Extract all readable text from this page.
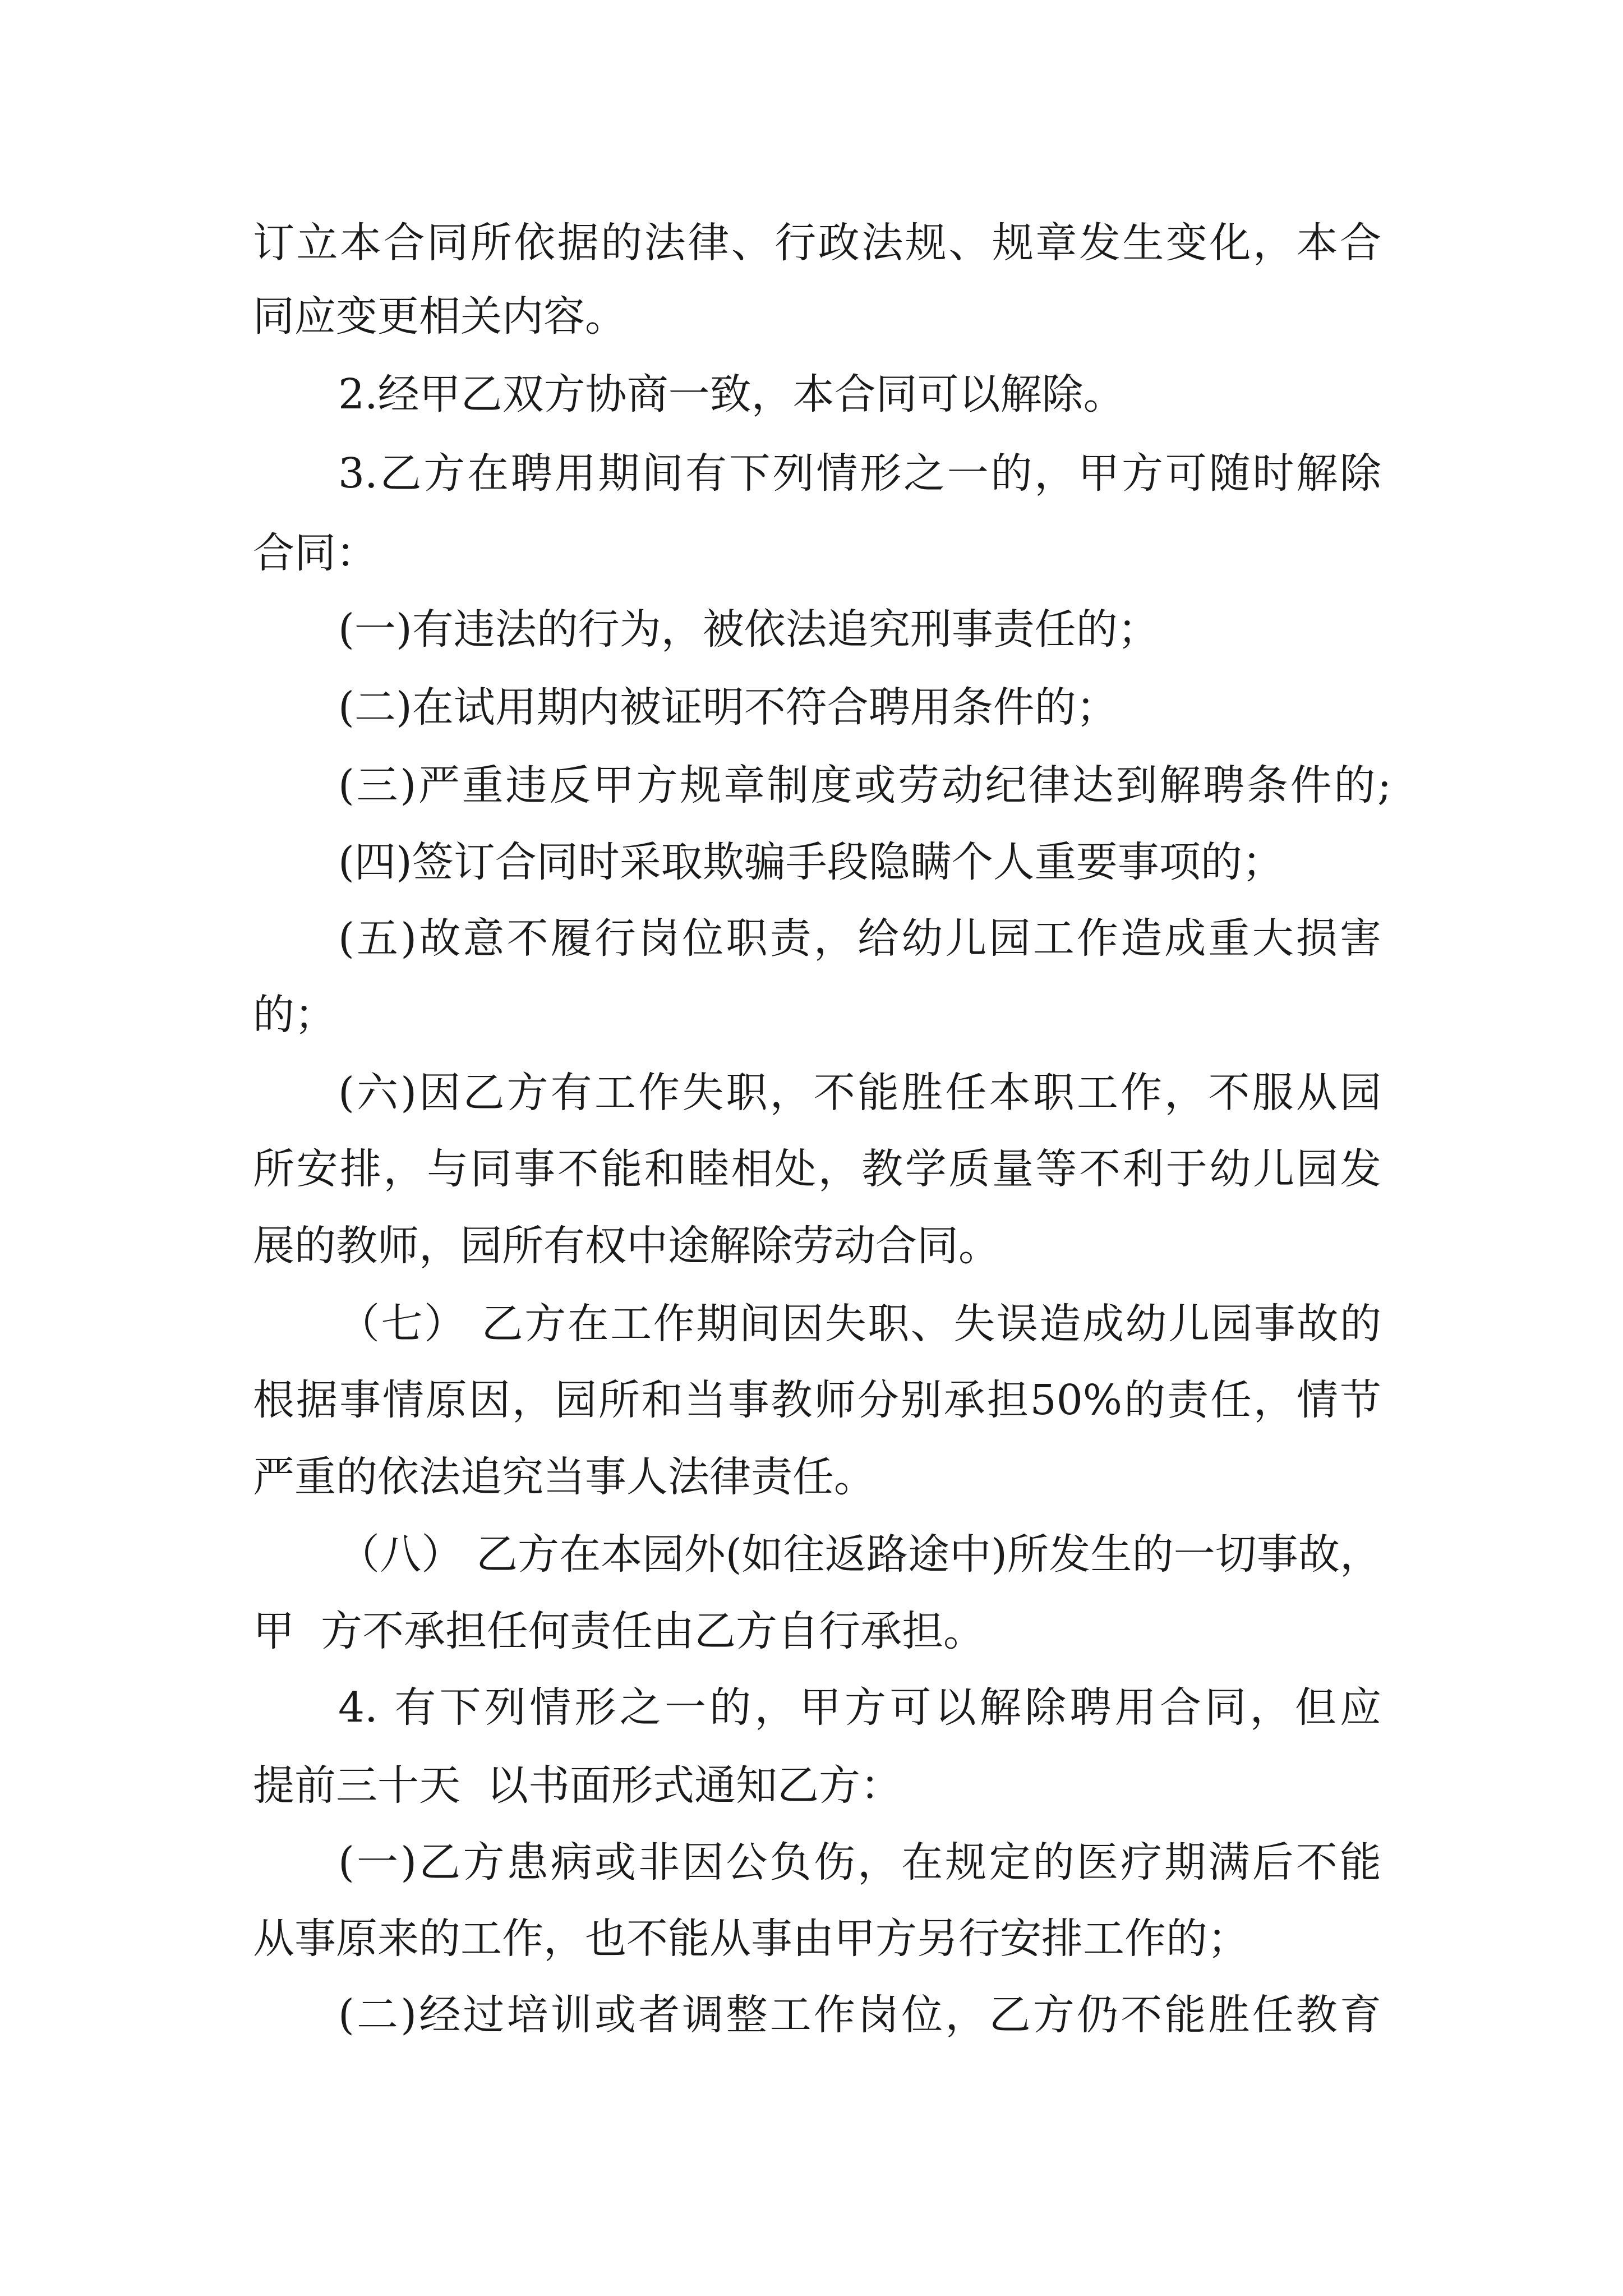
订立本合同所依据的法律、行政法规、规章发生变化，本合
同应变更相关内容。
2.经甲乙双方协商一致，本合同可以解除。
3.乙方在聘用期间有下列情形之一的，甲方可随时解除
合同：
(一)有违法的行为，被依法追究刑事责任的；
(二)在试用期内被证明不符合聘用条件的；
(三)严重违反甲方规章制度或劳动纪律达到解聘条件的;
(四)签订合同时采取欺骗手段隐瞒个人重要事项的；
(五)故意不履行岗位职责，给幼儿园工作造成重大损害
的；
(六)因乙方有工作失职，不能胜任本职工作，不服从园
所安排，与同事不能和睦相处，教学质量等不利于幼儿园发
展的教师，园所有权中途解除劳动合同。
（七） 乙方在工作期间因失职、失误造成幼儿园事故的
根据事情原因，园所和当事教师分别承担50%的责任，情节
严重的依法追究当事人法律责任。
（八） 乙方在本园外(如往返路途中)所发生的一切事故，
甲  方不承担任何责任由乙方自行承担。
4. 有下列情形之一的，甲方可以解除聘用合同，但应
提前三十天  以书面形式通知乙方：
(一)乙方患病或非因公负伤，在规定的医疗期满后不能
从事原来的工作，也不能从事由甲方另行安排工作的；
(二)经过培训或者调整工作岗位，乙方仍不能胜任教育
